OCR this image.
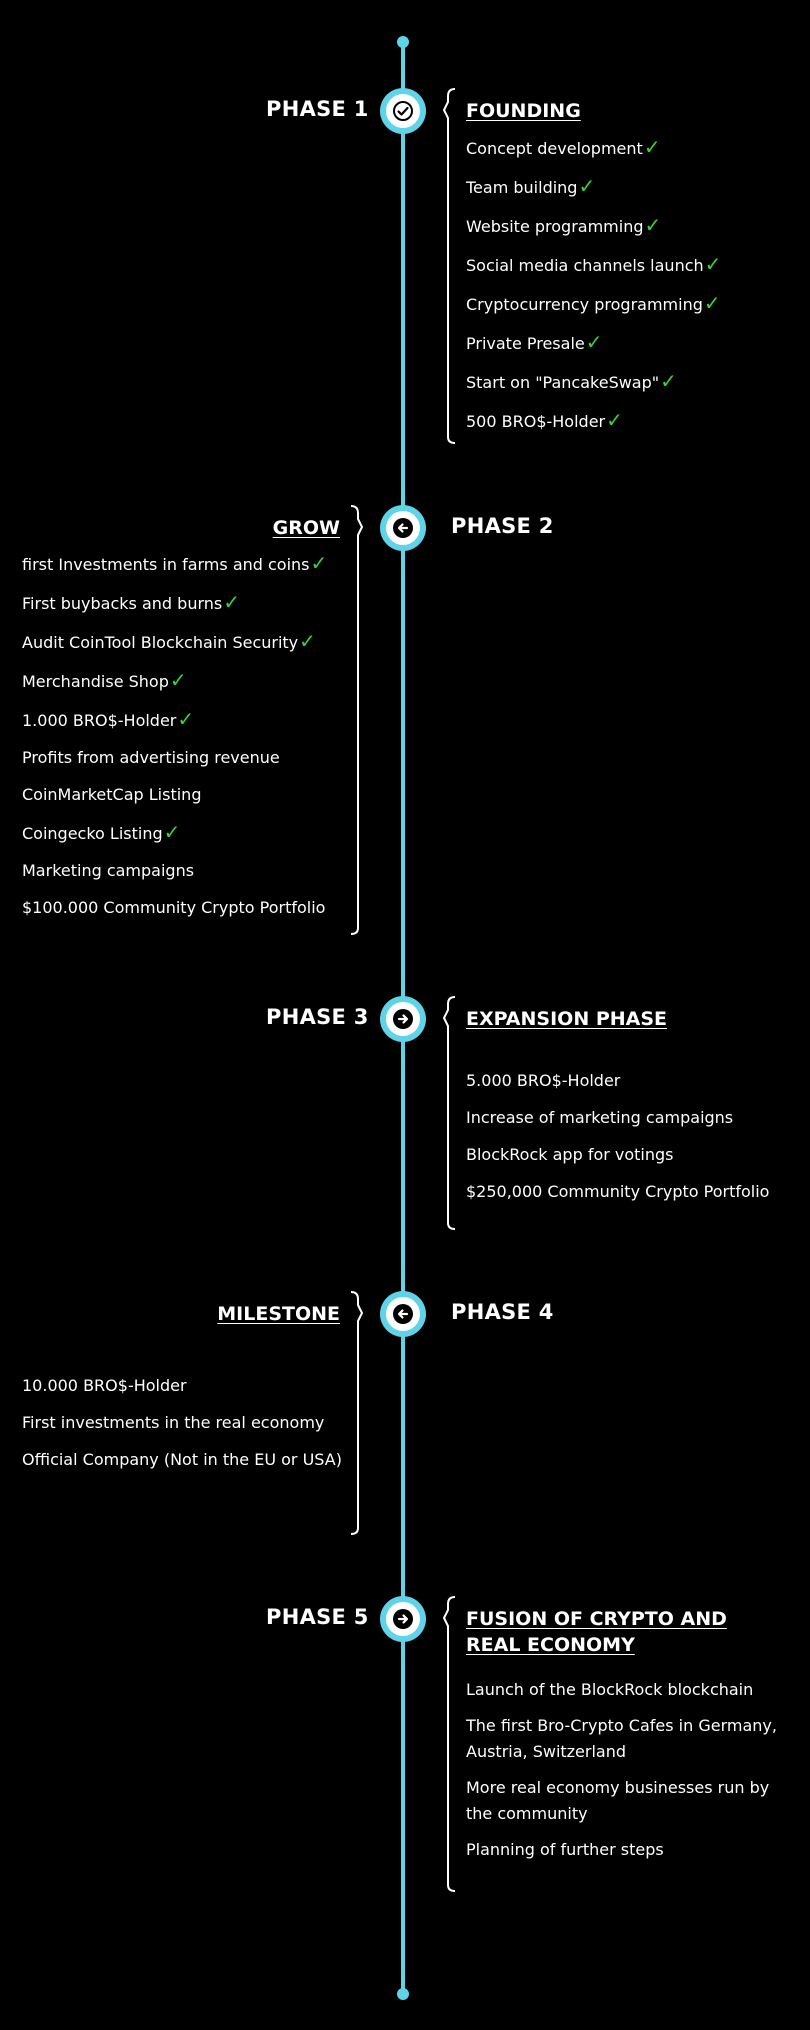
PHASE 1	FOUNDING
Concept development✓
Team building✓
Website programming✓
Social media channels launch✓
Cryptocurrency programming✓
Private Presale✓
Start on "PancakeSwap"✓
500 BRO$-Holder✓
PHASE 2
GROW
first Investments in farms and coins✓
First buybacks and burns✓
Audit CoinTool Blockchain Security✓
Merchandise Shop✓
1.000 BRO$-Holder✓
Profits from advertising revenue
CoinMarketCap Listing
Coingecko Listing✓
Marketing campaigns
$100.000 Community Crypto Portfolio
PHASE 3	EXPANSION PHASE
5.000 BRO$-Holder
Increase of marketing campaigns
BlockRock app for votings
$250,000 Community Crypto Portfolio
PHASE 4
MILESTONE
10.000 BRO$-Holder
First investments in the real economy
Official Company (Not in the EU or USA)
PHASE 5	FUSION OF CRYPTO AND REAL ECONOMY
Launch of the BlockRock blockchain
The first Bro-Crypto Cafes in Germany, Austria, Switzerland
More real economy businesses run by the community
Planning of further steps
